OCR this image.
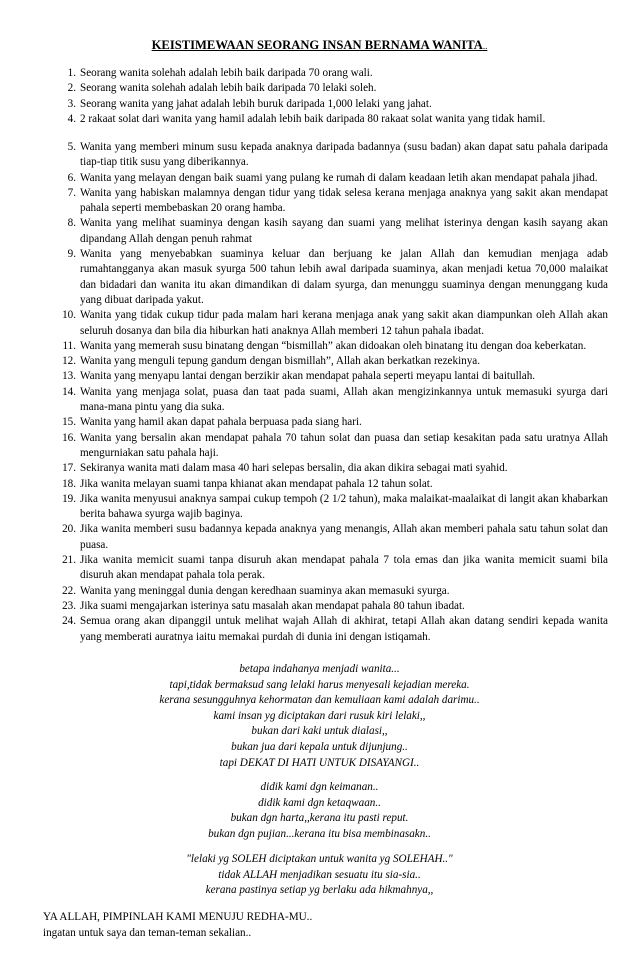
KEISTIMEWAAN SEORANG INSAN BERNAMA WANITA..
1. Seorang wanita solehah adalah lebih baik daripada 70 orang wali.
2. Seorang wanita solehah adalah lebih baik daripada 70 lelaki soleh.
3. Seorang wanita yang jahat adalah lebih buruk daripada 1,000 lelaki yang jahat.
4. 2 rakaat solat dari wanita yang hamil adalah lebih baik daripada 80 rakaat solat wanita yang tidak hamil.
5. Wanita yang memberi minum susu kepada anaknya daripada badannya (susu badan) akan dapat satu pahala daripada tiap-tiap titik susu yang diberikannya.
6. Wanita yang melayan dengan baik suami yang pulang ke rumah di dalam keadaan letih akan mendapat pahala jihad.
7. Wanita yang habiskan malamnya dengan tidur yang tidak selesa kerana menjaga anaknya yang sakit akan mendapat pahala seperti membebaskan 20 orang hamba.
8. Wanita yang melihat suaminya dengan kasih sayang dan suami yang melihat isterinya dengan kasih sayang akan dipandang Allah dengan penuh rahmat
9. Wanita yang menyebabkan suaminya keluar dan berjuang ke jalan Allah dan kemudian menjaga adab rumahtangganya akan masuk syurga 500 tahun lebih awal daripada suaminya, akan menjadi ketua 70,000 malaikat dan bidadari dan wanita itu akan dimandikan di dalam syurga, dan menunggu suaminya dengan menunggang kuda yang dibuat daripada yakut.
10. Wanita yang tidak cukup tidur pada malam hari kerana menjaga anak yang sakit akan diampunkan oleh Allah akan seluruh dosanya dan bila dia hiburkan hati anaknya Allah memberi 12 tahun pahala ibadat.
11. Wanita yang memerah susu binatang dengan “bismillah” akan didoakan oleh binatang itu dengan doa keberkatan.
12. Wanita yang menguli tepung gandum dengan bismillah”, Allah akan berkatkan rezekinya.
13. Wanita yang menyapu lantai dengan berzikir akan mendapat pahala seperti meyapu lantai di baitullah.
14. Wanita yang menjaga solat, puasa dan taat pada suami, Allah akan mengizinkannya untuk memasuki syurga dari mana-mana pintu yang dia suka.
15. Wanita yang hamil akan dapat pahala berpuasa pada siang hari.
16. Wanita yang bersalin akan mendapat pahala 70 tahun solat dan puasa dan setiap kesakitan pada satu uratnya Allah mengurniakan satu pahala haji.
17. Sekiranya wanita mati dalam masa 40 hari selepas bersalin, dia akan dikira sebagai mati syahid.
18. Jika wanita melayan suami tanpa khianat akan mendapat pahala 12 tahun solat.
19. Jika wanita menyusui anaknya sampai cukup tempoh (2 1/2 tahun), maka malaikat-maalaikat di langit akan khabarkan berita bahawa syurga wajib baginya.
20. Jika wanita memberi susu badannya kepada anaknya yang menangis, Allah akan memberi pahala satu tahun solat dan puasa.
21. Jika wanita memicit suami tanpa disuruh akan mendapat pahala 7 tola emas dan jika wanita memicit suami bila disuruh akan mendapat pahala tola perak.
22. Wanita yang meninggal dunia dengan keredhaan suaminya akan memasuki syurga.
23. Jika suami mengajarkan isterinya satu masalah akan mendapat pahala 80 tahun ibadat.
24. Semua orang akan dipanggil untuk melihat wajah Allah di akhirat, tetapi Allah akan datang sendiri kepada wanita yang memberati auratnya iaitu memakai purdah di dunia ini dengan istiqamah.
betapa indahanya menjadi wanita...
tapi,tidak bermaksud sang lelaki harus menyesali kejadian mereka.
kerana sesungguhnya kehormatan dan kemuliaan kami adalah darimu..
kami insan yg diciptakan dari rusuk kiri lelaki,,
bukan dari kaki untuk dialasi,,
bukan jua dari kepala untuk dijunjung..
tapi DEKAT DI HATI UNTUK DISAYANGI..
didik kami dgn keimanan..
didik kami dgn ketaqwaan..
bukan dgn harta,,kerana itu pasti reput.
bukan dgn pujian...kerana itu bisa membinasakn..
"lelaki yg SOLEH diciptakan untuk wanita yg SOLEHAH.."
tidak ALLAH menjadikan sesuatu itu sia-sia..
kerana pastinya setiap yg berlaku ada hikmahnya,,
YA ALLAH, PIMPINLAH KAMI MENUJU REDHA-MU..
ingatan untuk saya dan teman-teman sekalian..
